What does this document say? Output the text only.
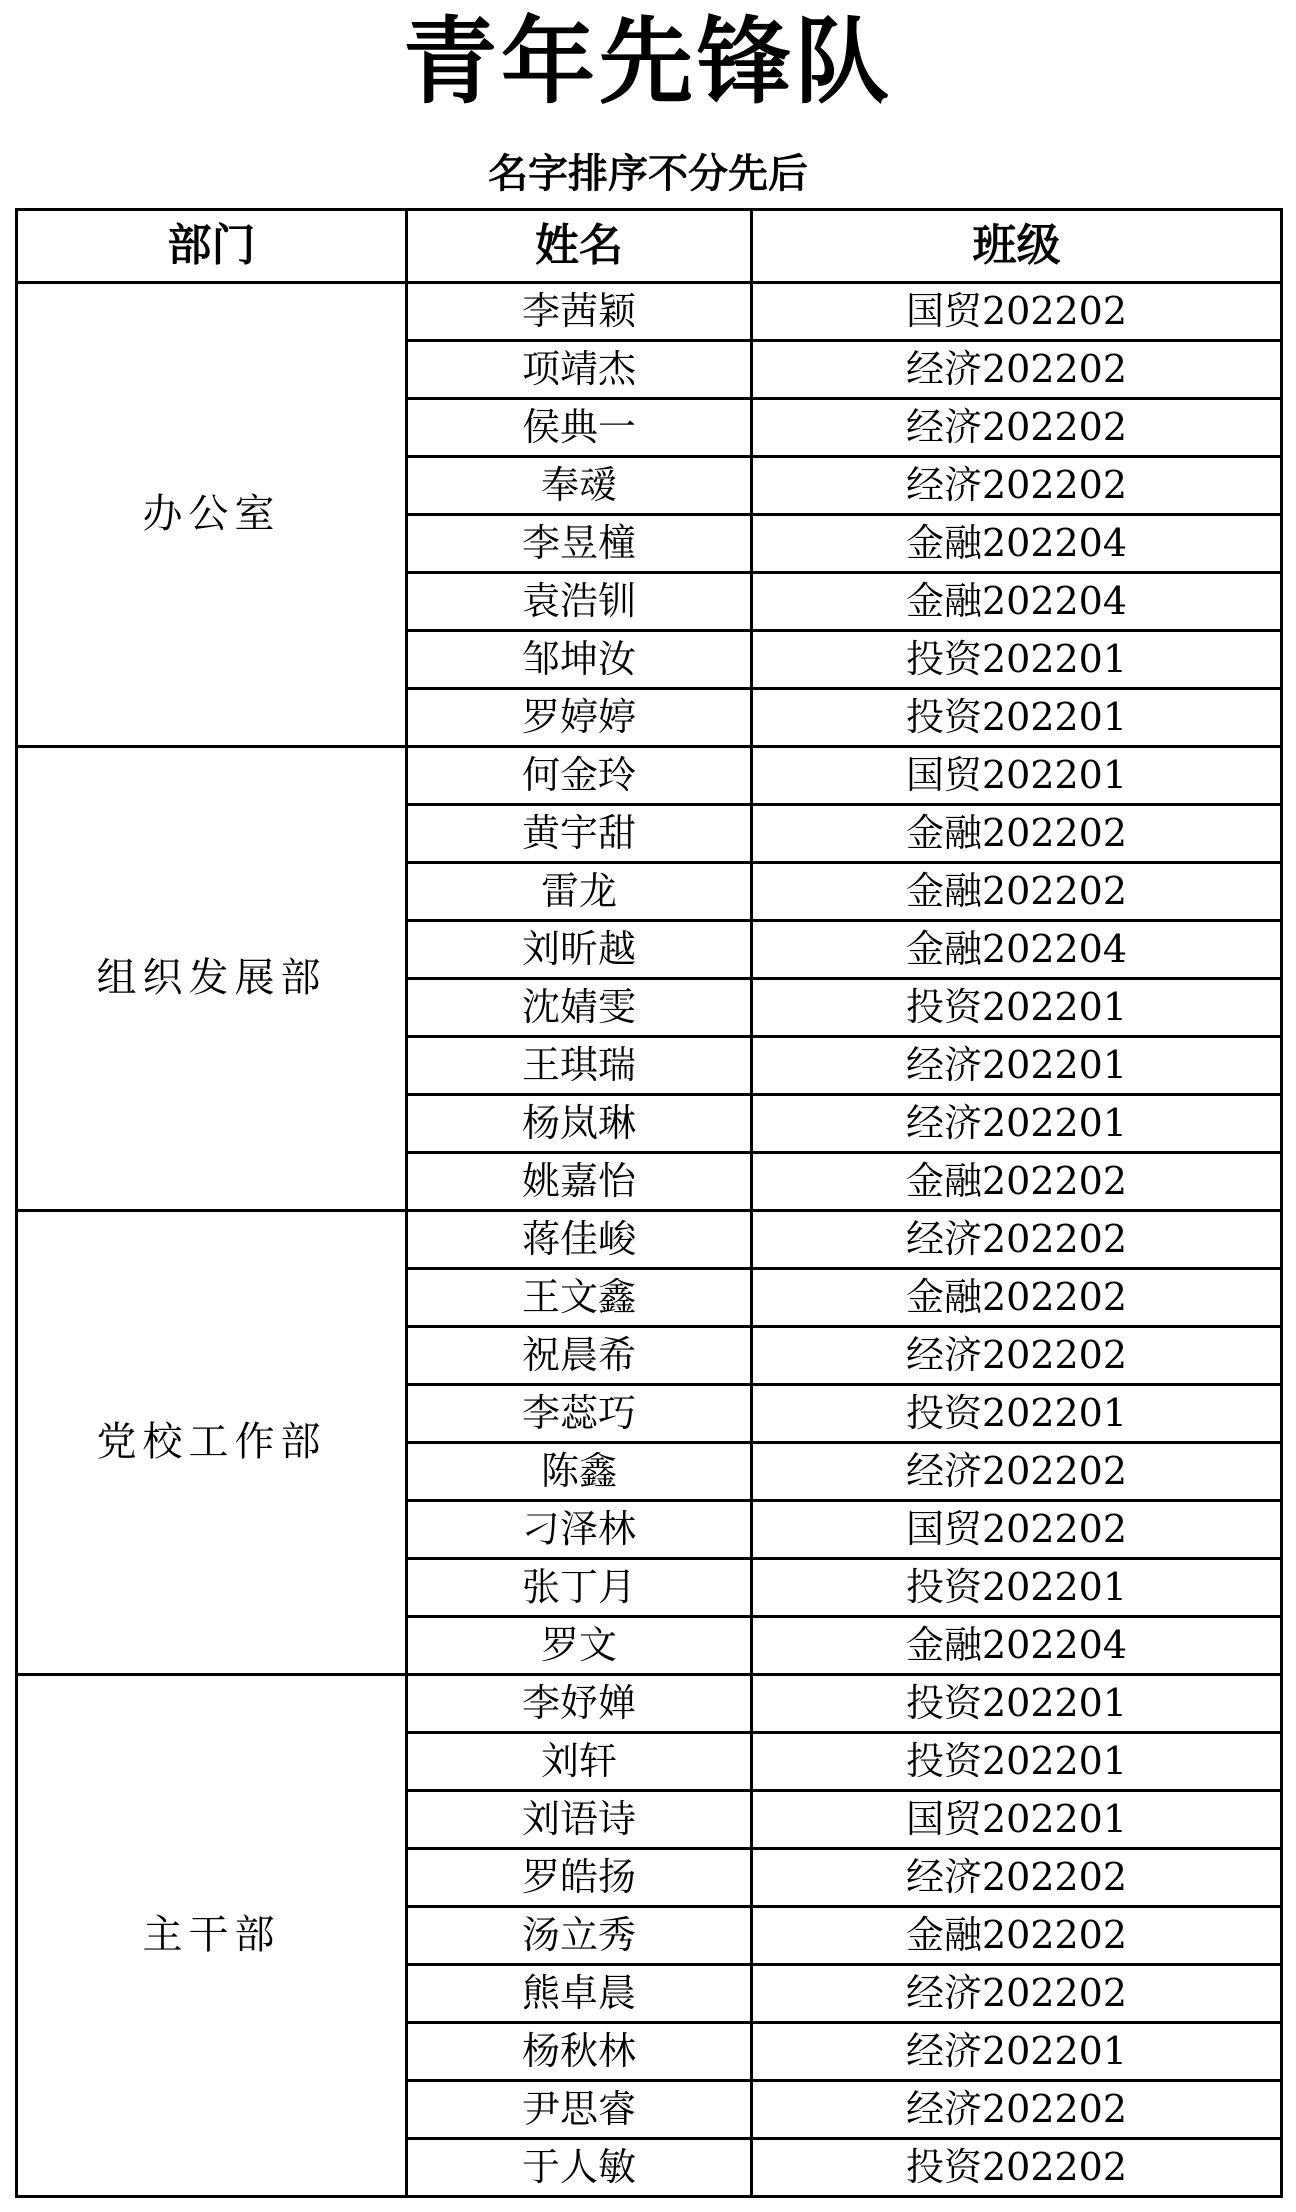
青年先锋队
名字排序不分先后
部门	姓名	班级
办公室	李茜颖	国贸202202
	项靖杰	经济202202
	侯典一	经济202202
	奉叆	经济202202
	李昱橦	金融202204
	袁浩钏	金融202204
	邹坤汝	投资202201
	罗婷婷	投资202201
组织发展部	何金玲	国贸202201
	黄宇甜	金融202202
	雷龙	金融202202
	刘昕越	金融202204
	沈婧雯	投资202201
	王琪瑞	经济202201
	杨岚琳	经济202201
	姚嘉怡	金融202202
党校工作部	蒋佳峻	经济202202
	王文鑫	金融202202
	祝晨希	经济202202
	李蕊巧	投资202201
	陈鑫	经济202202
	刁泽林	国贸202202
	张丁月	投资202201
	罗文	金融202204
主干部	李妤婵	投资202201
	刘轩	投资202201
	刘语诗	国贸202201
	罗皓扬	经济202202
	汤立秀	金融202202
	熊卓晨	经济202202
	杨秋林	经济202201
	尹思睿	经济202202
	于人敏	投资202202
